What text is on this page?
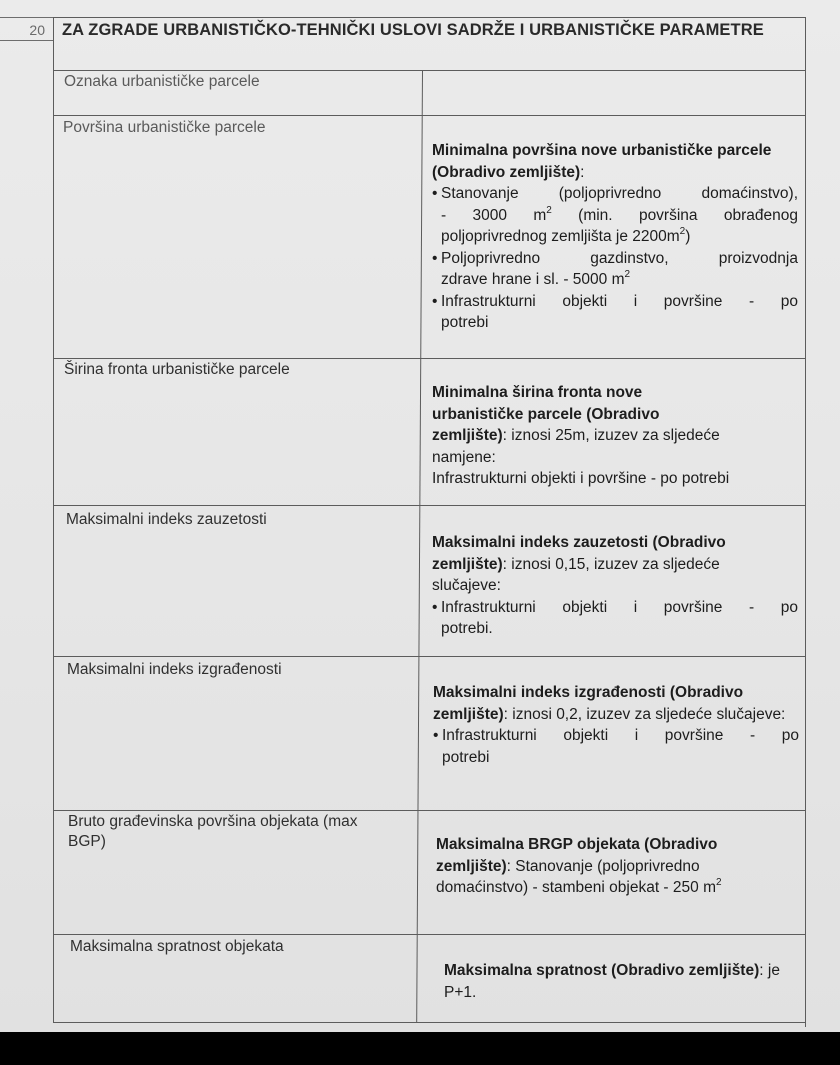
20	ZA ZGRADE URBANISTIČKO-TEHNIČKI USLOVI SADRŽE I URBANISTIČKE PARAMETRE
Oznaka urbanističke parcele
Površina urbanističke parcele
Širina fronta urbanističke parcele
Maksimalni indeks zauzetosti
Maksimalni indeks izgrađenosti
Bruto građevinska površina objekata (max BGP)
Maksimalna spratnost objekata
Minimalna površina nove urbanističke parcele (Obradivo zemljište):
• Stanovanje (poljoprivredno domaćinstvo),
- 3000 $m^2$ (min. površina obrađenog
poljoprivrednog zemljišta je $2200m^2$)
• Poljoprivredno gazdinstvo, proizvodnja
zdrave hrane i sl. - 5000 $m^2$
• Infrastrukturni objekti i površine - po
potrebi
Minimalna širina fronta nove urbanističke parcele (Obradivo zemljište): iznosi 25m, izuzev za sljedeće namjene:
Infrastrukturni objekti i površine - po potrebi
Maksimalni indeks zauzetosti (Obradivo zemljište): iznosi 0,15, izuzev za sljedeće slučajeve:
• Infrastrukturni objekti i površine - po
potrebi.
Maksimalni indeks izgrađenosti (Obradivo zemljište): iznosi 0,2, izuzev za sljedeće slučajeve:
• Infrastrukturni objekti i površine - po
potrebi
Maksimalna BRGP objekata (Obradivo zemljište): Stanovanje (poljoprivredno domaćinstvo) - stambeni objekat - 250 $m^2$
Maksimalna spratnost (Obradivo zemljište): je P+1.
